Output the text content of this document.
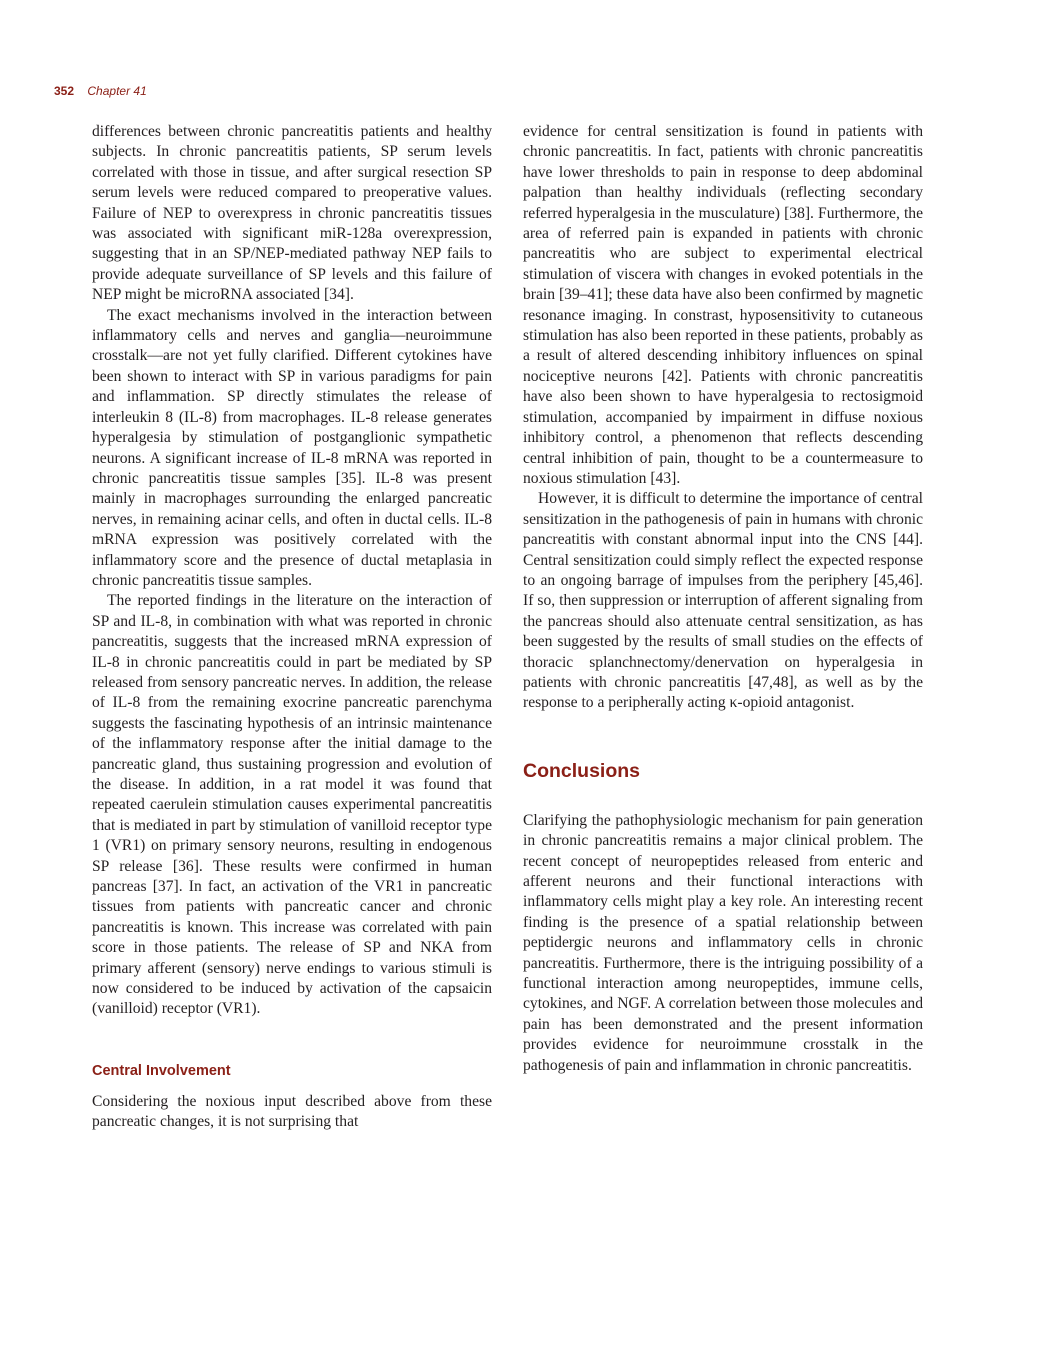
352 Chapter 41

differences between chronic pancreatitis patients and healthy subjects. In chronic pancreatitis patients, SP serum levels correlated with those in tissue, and after surgical resection SP serum levels were reduced compared to preoperative values. Failure of NEP to overexpress in chronic pancreatitis tissues was associated with significant miR-128a overexpression, suggesting that in an SP/NEP-mediated pathway NEP fails to provide adequate surveillance of SP levels and this failure of NEP might be microRNA associated [34].

The exact mechanisms involved in the interaction between inflammatory cells and nerves and ganglia—neuroimmune crosstalk—are not yet fully clarified. Different cytokines have been shown to interact with SP in various paradigms for pain and inflammation. SP directly stimulates the release of interleukin 8 (IL-8) from macrophages. IL-8 release generates hyperalgesia by stimulation of postganglionic sympathetic neurons. A significant increase of IL-8 mRNA was reported in chronic pancreatitis tissue samples [35]. IL-8 was present mainly in macrophages surrounding the enlarged pancreatic nerves, in remaining acinar cells, and often in ductal cells. IL-8 mRNA expression was positively correlated with the inflammatory score and the presence of ductal metaplasia in chronic pancreatitis tissue samples.

The reported findings in the literature on the interaction of SP and IL-8, in combination with what was reported in chronic pancreatitis, suggests that the increased mRNA expression of IL-8 in chronic pancreatitis could in part be mediated by SP released from sensory pancreatic nerves. In addition, the release of IL-8 from the remaining exocrine pancreatic parenchyma suggests the fascinating hypothesis of an intrinsic maintenance of the inflammatory response after the initial damage to the pancreatic gland, thus sustaining progression and evolution of the disease. In addition, in a rat model it was found that repeated caerulein stimulation causes experimental pancreatitis that is mediated in part by stimulation of vanilloid receptor type 1 (VR1) on primary sensory neurons, resulting in endogenous SP release [36]. These results were confirmed in human pancreas [37]. In fact, an activation of the VR1 in pancreatic tissues from patients with pancreatic cancer and chronic pancreatitis is known. This increase was correlated with pain score in those patients. The release of SP and NKA from primary afferent (sensory) nerve endings to various stimuli is now considered to be induced by activation of the capsaicin (vanilloid) receptor (VR1).

Central Involvement

Considering the noxious input described above from these pancreatic changes, it is not surprising that

evidence for central sensitization is found in patients with chronic pancreatitis. In fact, patients with chronic pancreatitis have lower thresholds to pain in response to deep abdominal palpation than healthy individuals (reflecting secondary referred hyperalgesia in the musculature) [38]. Furthermore, the area of referred pain is expanded in patients with chronic pancreatitis who are subject to experimental electrical stimulation of viscera with changes in evoked potentials in the brain [39–41]; these data have also been confirmed by magnetic resonance imaging. In constrast, hyposensitivity to cutaneous stimulation has also been reported in these patients, probably as a result of altered descending inhibitory influences on spinal nociceptive neurons [42]. Patients with chronic pancreatitis have also been shown to have hyperalgesia to rectosigmoid stimulation, accompanied by impairment in diffuse noxious inhibitory control, a phenomenon that reflects descending central inhibition of pain, thought to be a countermeasure to noxious stimulation [43].

However, it is difficult to determine the importance of central sensitization in the pathogenesis of pain in humans with chronic pancreatitis with constant abnormal input into the CNS [44]. Central sensitization could simply reflect the expected response to an ongoing barrage of impulses from the periphery [45,46]. If so, then suppression or interruption of afferent signaling from the pancreas should also attenuate central sensitization, as has been suggested by the results of small studies on the effects of thoracic splanchnectomy/denervation on hyperalgesia in patients with chronic pancreatitis [47,48], as well as by the response to a peripherally acting κ-opioid antagonist.

Conclusions

Clarifying the pathophysiologic mechanism for pain generation in chronic pancreatitis remains a major clinical problem. The recent concept of neuropeptides released from enteric and afferent neurons and their functional interactions with inflammatory cells might play a key role. An interesting recent finding is the presence of a spatial relationship between peptidergic neurons and inflammatory cells in chronic pancreatitis. Furthermore, there is the intriguing possibility of a functional interaction among neuropeptides, immune cells, cytokines, and NGF. A correlation between those molecules and pain has been demonstrated and the present information provides evidence for neuroimmune crosstalk in the pathogenesis of pain and inflammation in chronic pancreatitis.
